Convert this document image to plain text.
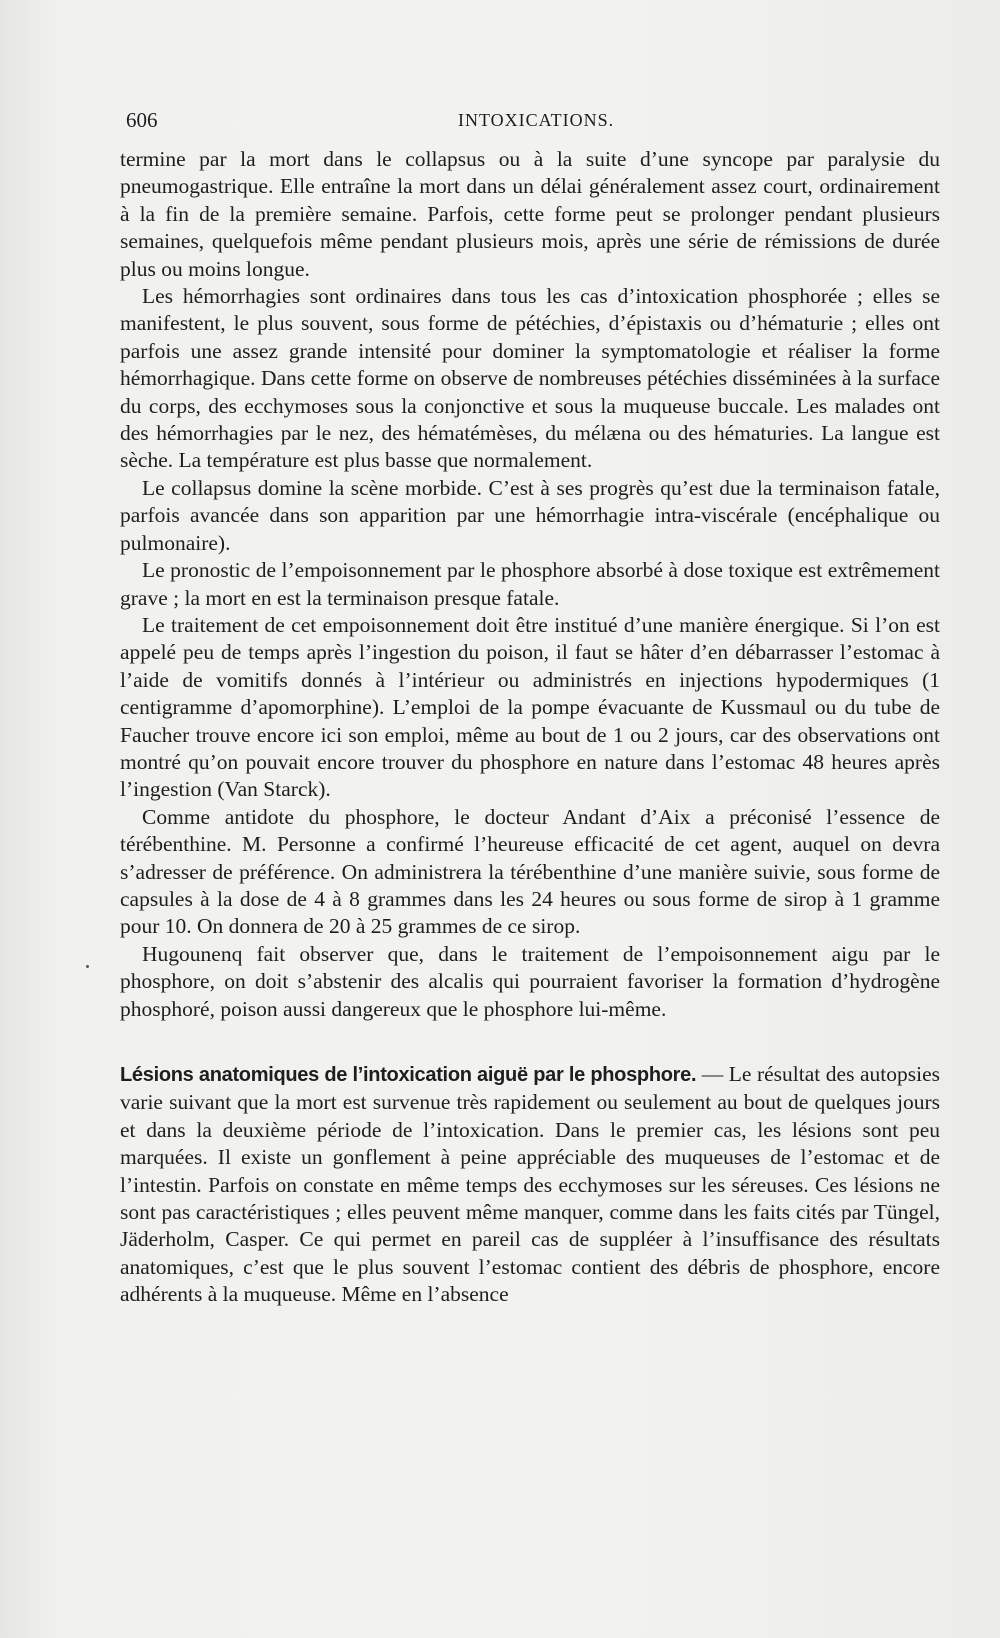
606	INTOXICATIONS.

termine par la mort dans le collapsus ou à la suite d’une syncope par paralysie du pneumogastrique. Elle entraîne la mort dans un délai généralement assez court, ordinairement à la fin de la première semaine. Parfois, cette forme peut se prolonger pendant plusieurs semaines, quelquefois même pendant plusieurs mois, après une série de rémissions de durée plus ou moins longue.

Les hémorrhagies sont ordinaires dans tous les cas d’intoxication phosphorée ; elles se manifestent, le plus souvent, sous forme de pétéchies, d’épistaxis ou d’hématurie ; elles ont parfois une assez grande intensité pour dominer la symptomatologie et réaliser la forme hémorrhagique. Dans cette forme on observe de nombreuses pétéchies disséminées à la surface du corps, des ecchymoses sous la conjonctive et sous la muqueuse buccale. Les malades ont des hémorrhagies par le nez, des hématémèses, du mélæna ou des hématuries. La langue est sèche. La température est plus basse que normalement.

Le collapsus domine la scène morbide. C’est à ses progrès qu’est due la terminaison fatale, parfois avancée dans son apparition par une hémorrhagie intra-viscérale (encéphalique ou pulmonaire).

Le pronostic de l’empoisonnement par le phosphore absorbé à dose toxique est extrêmement grave ; la mort en est la terminaison presque fatale.

Le traitement de cet empoisonnement doit être institué d’une manière énergique. Si l’on est appelé peu de temps après l’ingestion du poison, il faut se hâter d’en débarrasser l’estomac à l’aide de vomitifs donnés à l’intérieur ou administrés en injections hypodermiques (1 centigramme d’apomorphine). L’emploi de la pompe évacuante de Kussmaul ou du tube de Faucher trouve encore ici son emploi, même au bout de 1 ou 2 jours, car des observations ont montré qu’on pouvait encore trouver du phosphore en nature dans l’estomac 48 heures après l’ingestion (Van Starck).

Comme antidote du phosphore, le docteur Andant d’Aix a préconisé l’essence de térébenthine. M. Personne a confirmé l’heureuse efficacité de cet agent, auquel on devra s’adresser de préférence. On administrera la térébenthine d’une manière suivie, sous forme de capsules à la dose de 4 à 8 grammes dans les 24 heures ou sous forme de sirop à 1 gramme pour 10. On donnera de 20 à 25 grammes de ce sirop.

Hugounenq fait observer que, dans le traitement de l’empoisonnement aigu par le phosphore, on doit s’abstenir des alcalis qui pourraient favoriser la formation d’hydrogène phosphoré, poison aussi dangereux que le phosphore lui-même.

Lésions anatomiques de l’intoxication aiguë par le phosphore. — Le résultat des autopsies varie suivant que la mort est survenue très rapidement ou seulement au bout de quelques jours et dans la deuxième période de l’intoxication. Dans le premier cas, les lésions sont peu marquées. Il existe un gonflement à peine appréciable des muqueuses de l’estomac et de l’intestin. Parfois on constate en même temps des ecchymoses sur les séreuses. Ces lésions ne sont pas caractéristiques ; elles peuvent même manquer, comme dans les faits cités par Tüngel, Jäderholm, Casper. Ce qui permet en pareil cas de suppléer à l’insuffisance des résultats anatomiques, c’est que le plus souvent l’estomac contient des débris de phosphore, encore adhérents à la muqueuse. Même en l’absence
